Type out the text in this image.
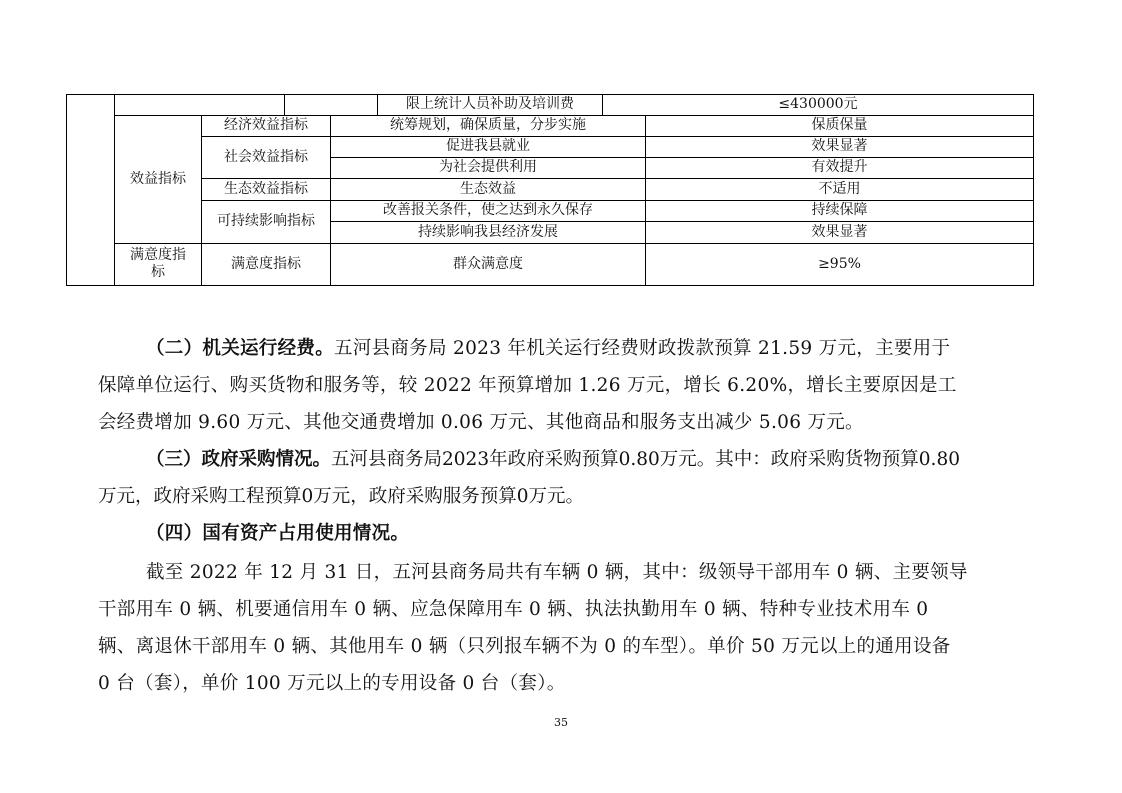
限上统计人员补助及培训费	≤430000元
效益指标
经济效益指标	统筹规划，确保质量，分步实施	保质保量
社会效益指标
促进我县就业	效果显著
为社会提供利用	有效提升
生态效益指标	生态效益	不适用
可持续影响指标
改善报关条件，使之达到永久保存	持续保障
持续影响我县经济发展	效果显著
满意度指
标
满意度指标	群众满意度	≥95%
（二）机关运行经费。五河县商务局 2023 年机关运行经费财政拨款预算 21.59 万元，主要用于
保障单位运行、购买货物和服务等，较 2022 年预算增加 1.26 万元，增长 6.20%，增长主要原因是工
会经费增加 9.60 万元、其他交通费增加 0.06 万元、其他商品和服务支出减少 5.06 万元。
（三）政府采购情况。五河县商务局2023年政府采购预算0.80万元。其中：政府采购货物预算0.80
万元，政府采购工程预算0万元，政府采购服务预算0万元。
（四）国有资产占用使用情况。
截至 2022 年 12 月 31 日，五河县商务局共有车辆 0 辆，其中：级领导干部用车 0 辆、主要领导
干部用车 0 辆、机要通信用车 0 辆、应急保障用车 0 辆、执法执勤用车 0 辆、特种专业技术用车 0
辆、离退休干部用车 0 辆、其他用车 0 辆（只列报车辆不为 0 的车型）。单价 50 万元以上的通用设备
0 台（套），单价 100 万元以上的专用设备 0 台（套）。
35
